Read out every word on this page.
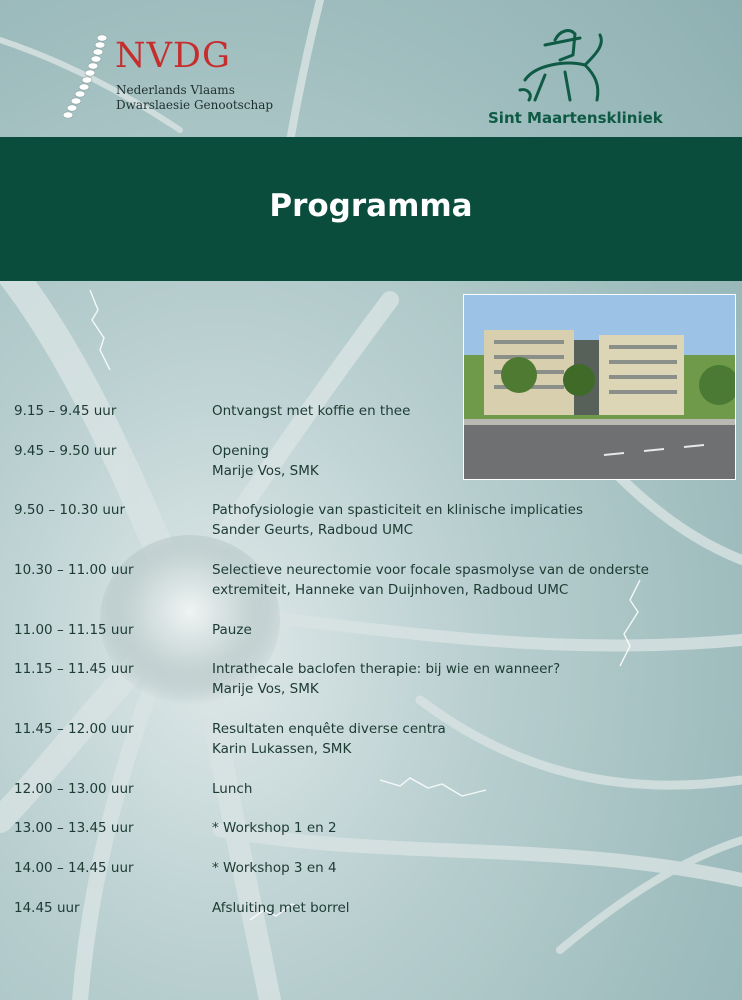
NVDG
Nederlands Vlaams
Dwarslaesie Genootschap
Sint Maartenskliniek
Programma
9.15 – 9.45 uur	Ontvangst met koffie en thee
9.45 – 9.50 uur	Opening
Marije Vos, SMK
9.50 – 10.30 uur	Pathofysiologie van spasticiteit en klinische implicaties
Sander Geurts, Radboud UMC
10.30 – 11.00 uur	Selectieve neurectomie voor focale spasmolyse van de onderste
extremiteit, Hanneke van Duijnhoven, Radboud UMC
11.00 – 11.15 uur	Pauze
11.15 – 11.45 uur	Intrathecale baclofen therapie: bij wie en wanneer?
Marije Vos, SMK
11.45 – 12.00 uur	Resultaten enquête diverse centra
Karin Lukassen, SMK
12.00 – 13.00 uur	Lunch
13.00 – 13.45 uur	* Workshop 1 en 2
14.00 – 14.45 uur	* Workshop 3 en 4
14.45 uur	Afsluiting met borrel
